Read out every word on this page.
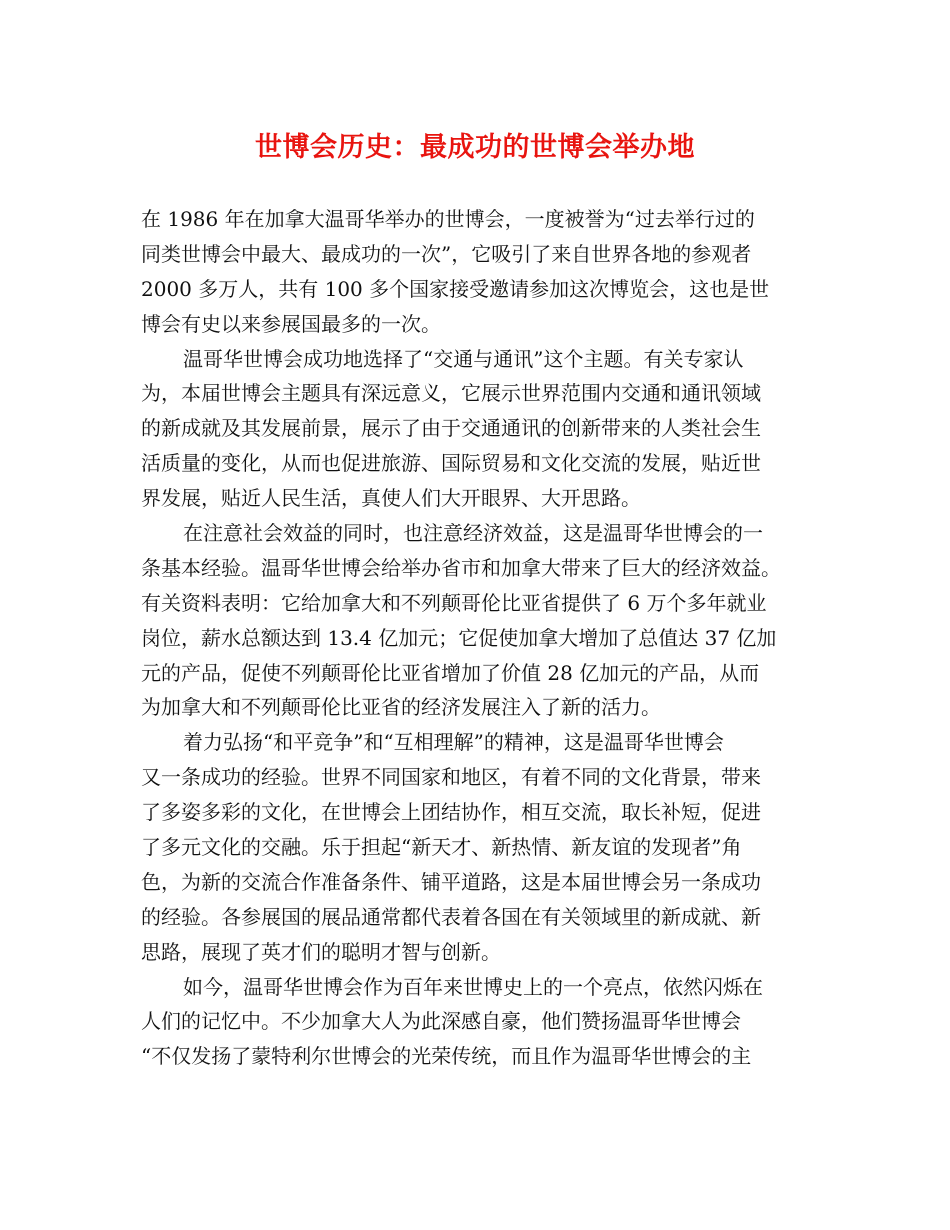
世博会历史：最成功的世博会举办地
在 1986 年在加拿大温哥华举办的世博会，一度被誉为“过去举行过的
同类世博会中最大、最成功的一次”，它吸引了来自世界各地的参观者
2000 多万人，共有 100 多个国家接受邀请参加这次博览会，这也是世
博会有史以来参展国最多的一次。
温哥华世博会成功地选择了“交通与通讯”这个主题。有关专家认
为，本届世博会主题具有深远意义，它展示世界范围内交通和通讯领域
的新成就及其发展前景，展示了由于交通通讯的创新带来的人类社会生
活质量的变化，从而也促进旅游、国际贸易和文化交流的发展，贴近世
界发展，贴近人民生活，真使人们大开眼界、大开思路。
在注意社会效益的同时，也注意经济效益，这是温哥华世博会的一
条基本经验。温哥华世博会给举办省市和加拿大带来了巨大的经济效益。
有关资料表明：它给加拿大和不列颠哥伦比亚省提供了 6 万个多年就业
岗位，薪水总额达到 13.4 亿加元；它促使加拿大增加了总值达 37 亿加
元的产品，促使不列颠哥伦比亚省增加了价值 28 亿加元的产品，从而
为加拿大和不列颠哥伦比亚省的经济发展注入了新的活力。
着力弘扬“和平竞争”和“互相理解”的精神，这是温哥华世博会
又一条成功的经验。世界不同国家和地区，有着不同的文化背景，带来
了多姿多彩的文化，在世博会上团结协作，相互交流，取长补短，促进
了多元文化的交融。乐于担起“新天才、新热情、新友谊的发现者”角
色，为新的交流合作准备条件、铺平道路，这是本届世博会另一条成功
的经验。各参展国的展品通常都代表着各国在有关领域里的新成就、新
思路，展现了英才们的聪明才智与创新。
如今，温哥华世博会作为百年来世博史上的一个亮点，依然闪烁在
人们的记忆中。不少加拿大人为此深感自豪，他们赞扬温哥华世博会
“不仅发扬了蒙特利尔世博会的光荣传统，而且作为温哥华世博会的主
